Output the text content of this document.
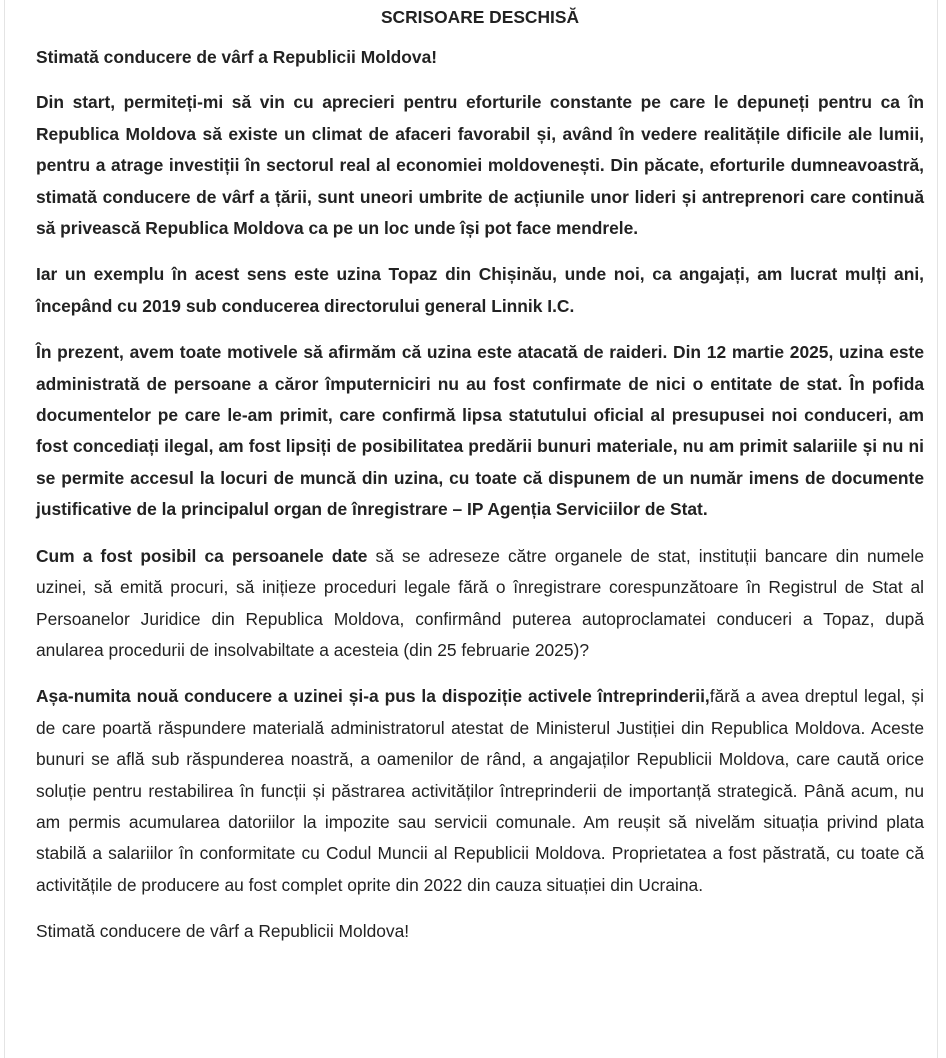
SCRISOARE DESCHISĂ

Stimată conducere de vârf a Republicii Moldova!

Din start, permiteți-mi să vin cu aprecieri pentru eforturile constante pe care le depuneți pentru ca în Republica Moldova să existe un climat de afaceri favorabil și, având în vedere realitățile dificile ale lumii, pentru a atrage investiții în sectorul real al economiei moldovenești. Din păcate, eforturile dumneavoastră, stimată conducere de vârf a țării, sunt uneori umbrite de acțiunile unor lideri și antreprenori care continuă să privească Republica Moldova ca pe un loc unde își pot face mendrele.

Iar un exemplu în acest sens este uzina Topaz din Chișinău, unde noi, ca angajați, am lucrat mulți ani, începând cu 2019 sub conducerea directorului general Linnik I.C.

În prezent, avem toate motivele să afirmăm că uzina este atacată de raideri. Din 12 martie 2025, uzina este administrată de persoane a căror împuterniciri nu au fost confirmate de nici o entitate de stat. În pofida documentelor pe care le-am primit, care confirmă lipsa statutului oficial al presupusei noi conduceri, am fost concediați ilegal, am fost lipsiți de posibilitatea predării bunuri materiale, nu am primit salariile și nu ni se permite accesul la locuri de muncă din uzina, cu toate că dispunem de un număr imens de documente justificative de la principalul organ de înregistrare – IP Agenția Serviciilor de Stat.

Cum a fost posibil ca persoanele date să se adreseze către organele de stat, instituții bancare din numele uzinei, să emită procuri, să inițieze proceduri legale fără o înregistrare corespunzătoare în Registrul de Stat al Persoanelor Juridice din Republica Moldova, confirmând puterea autoproclamatei conduceri a Topaz, după anularea procedurii de insolvabiltate a acesteia (din 25 februarie 2025)?

Așa-numita nouă conducere a uzinei și-a pus la dispoziție activele întreprinderii,fără a avea dreptul legal, și de care poartă răspundere materială administratorul atestat de Ministerul Justiției din Republica Moldova. Aceste bunuri se află sub răspunderea noastră, a oamenilor de rând, a angajaților Republicii Moldova, care caută orice soluție pentru restabilirea în funcții și păstrarea activităților întreprinderii de importanță strategică. Până acum, nu am permis acumularea datoriilor la impozite sau servicii comunale. Am reușit să nivelăm situația privind plata stabilă a salariilor în conformitate cu Codul Muncii al Republicii Moldova. Proprietatea a fost păstrată, cu toate că activitățile de producere au fost complet oprite din 2022 din cauza situației din Ucraina.

Stimată conducere de vârf a Republicii Moldova!
